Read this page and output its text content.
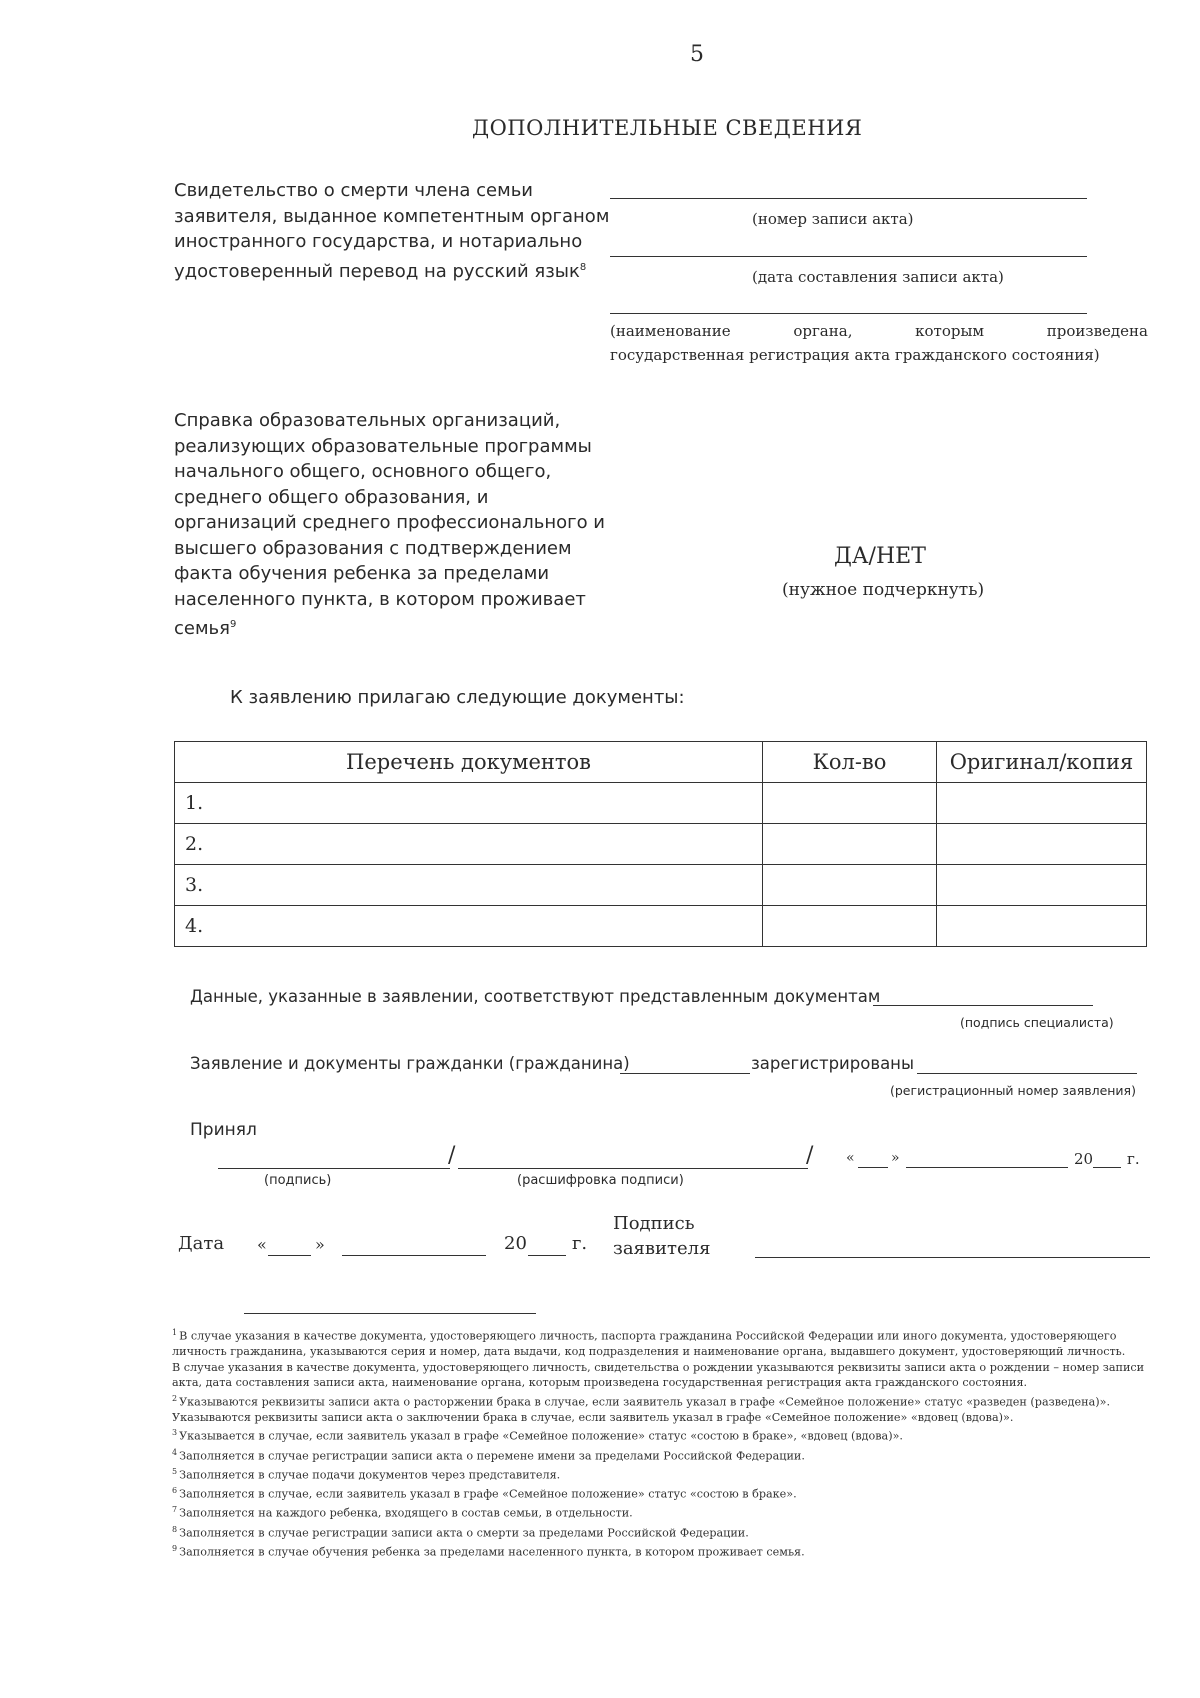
5
ДОПОЛНИТЕЛЬНЫЕ СВЕДЕНИЯ
Свидетельство о смерти члена семьи
заявителя, выданное компетентным органом
иностранного государства, и нотариально
удостоверенный перевод на русский язык$^8$
(номер записи акта)
(дата составления записи акта)
(наименование	органа,	которым	произведена
государственная регистрация акта гражданского состояния)
Справка образовательных организаций,
реализующих образовательные программы
начального общего, основного общего,
среднего общего образования, и
организаций среднего профессионального и
высшего образования с подтверждением
факта обучения ребенка за пределами
населенного пункта, в котором проживает
семья$^9$
ДА/НЕТ
(нужное подчеркнуть)
К заявлению прилагаю следующие документы:
Перечень документов	Кол-во	Оригинал/копия
1.		
2.		
3.		
4.		
Данные, указанные в заявлении, соответствуют представленным документам
(подпись специалиста)
Заявление и документы гражданки (гражданина)	зарегистрированы
(регистрационный номер заявления)
Принял
/	/
(подпись)	(расшифровка подписи)
«	»	20 г.
Дата «	»	20	г.
Подпись
заявителя

$^1$ В случае указания в качестве документа, удостоверяющего личность, паспорта гражданина Российской Федерации или иного документа, удостоверяющего личность гражданина, указываются серия и номер, дата выдачи, код подразделения и наименование органа, выдавшего документ, удостоверяющий личность.

В случае указания в качестве документа, удостоверяющего личность, свидетельства о рождении указываются реквизиты записи акта о рождении – номер записи акта, дата составления записи акта, наименование органа, которым произведена государственная регистрация акта гражданского состояния.

$^2$ Указываются реквизиты записи акта о расторжении брака в случае, если заявитель указал в графе «Семейное положение» статус «разведен (разведена)».

Указываются реквизиты записи акта о заключении брака в случае, если заявитель указал в графе «Семейное положение» «вдовец (вдова)».

$^3$ Указывается в случае, если заявитель указал в графе «Семейное положение» статус «состою в браке», «вдовец (вдова)».

$^4$ Заполняется в случае регистрации записи акта о перемене имени за пределами Российской Федерации.

$^5$ Заполняется в случае подачи документов через представителя.

$^6$ Заполняется в случае, если заявитель указал в графе «Семейное положение» статус «состою в браке».

$^7$ Заполняется на каждого ребенка, входящего в состав семьи, в отдельности.

$^8$ Заполняется в случае регистрации записи акта о смерти за пределами Российской Федерации.

$^9$ Заполняется в случае обучения ребенка за пределами населенного пункта, в котором проживает семья.
